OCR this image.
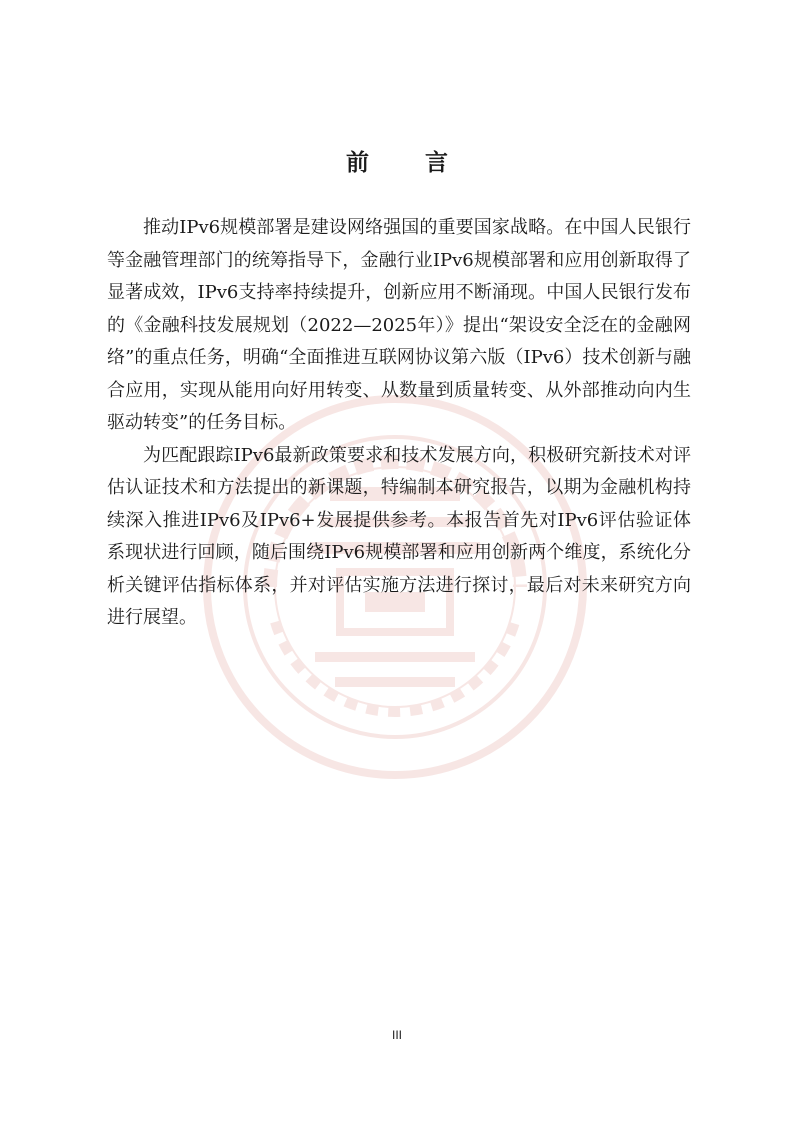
前 言

推动IPv6规模部署是建设网络强国的重要国家战略。在中国人民银行等金融管理部门的统筹指导下，金融行业IPv6规模部署和应用创新取得了显著成效，IPv6支持率持续提升，创新应用不断涌现。中国人民银行发布的《金融科技发展规划（2022—2025年）》提出“架设安全泛在的金融网络”的重点任务，明确“全面推进互联网协议第六版（IPv6）技术创新与融合应用，实现从能用向好用转变、从数量到质量转变、从外部推动向内生驱动转变”的任务目标。

为匹配跟踪IPv6最新政策要求和技术发展方向，积极研究新技术对评估认证技术和方法提出的新课题，特编制本研究报告，以期为金融机构持续深入推进IPv6及IPv6+发展提供参考。本报告首先对IPv6评估验证体系现状进行回顾，随后围绕IPv6规模部署和应用创新两个维度，系统化分析关键评估指标体系，并对评估实施方法进行探讨，最后对未来研究方向进行展望。

III
